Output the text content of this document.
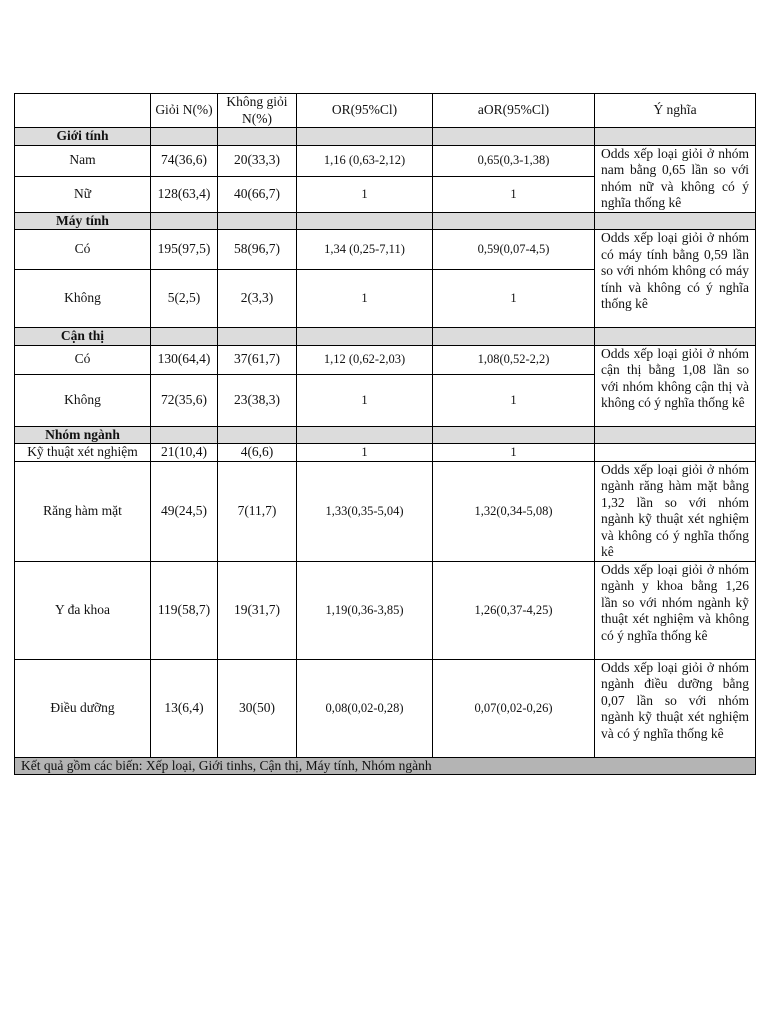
	Giỏi N(%)	Không giỏi N(%)	OR(95%Cl)	aOR(95%Cl)	Ý nghĩa
Giới tính					
Nam	74(36,6)	20(33,3)	1,16 (0,63-2,12)	0,65(0,3-1,38)	Odds xếp loại giỏi ở nhóm nam bằng 0,65 lần so với nhóm nữ và không có ý nghĩa thống kê
Nữ	128(63,4)	40(66,7)	1	1	
Máy tính					
Có	195(97,5)	58(96,7)	1,34 (0,25-7,11)	0,59(0,07-4,5)	Odds xếp loại giỏi ở nhóm có máy tính bằng 0,59 lần so với nhóm không có máy tính và không có ý nghĩa thống kê
Không	5(2,5)	2(3,3)	1	1	
Cận thị					
Có	130(64,4)	37(61,7)	1,12 (0,62-2,03)	1,08(0,52-2,2)	Odds xếp loại giỏi ở nhóm cận thị bằng 1,08 lần so với nhóm không cận thị và không có ý nghĩa thống kê
Không	72(35,6)	23(38,3)	1	1	
Nhóm ngành					
Kỹ thuật xét nghiệm	21(10,4)	4(6,6)	1	1	
Răng hàm mặt	49(24,5)	7(11,7)	1,33(0,35-5,04)	1,32(0,34-5,08)	Odds xếp loại giỏi ở nhóm ngành răng hàm mặt bằng 1,32 lần so với nhóm ngành kỹ thuật xét nghiệm và không có ý nghĩa thống kê
Y đa khoa	119(58,7)	19(31,7)	1,19(0,36-3,85)	1,26(0,37-4,25)	Odds xếp loại giỏi ở nhóm ngành y khoa bằng 1,26 lần so với nhóm ngành kỹ thuật xét nghiệm và không có ý nghĩa thống kê
Điều dưỡng	13(6,4)	30(50)	0,08(0,02-0,28)	0,07(0,02-0,26)	Odds xếp loại giỏi ở nhóm ngành điều dưỡng bằng 0,07 lần so với nhóm ngành kỹ thuật xét nghiệm và có ý nghĩa thống kê
Kết quả gồm các biến: Xếp loại, Giới tinhs, Cận thị, Máy tính, Nhóm ngành					
